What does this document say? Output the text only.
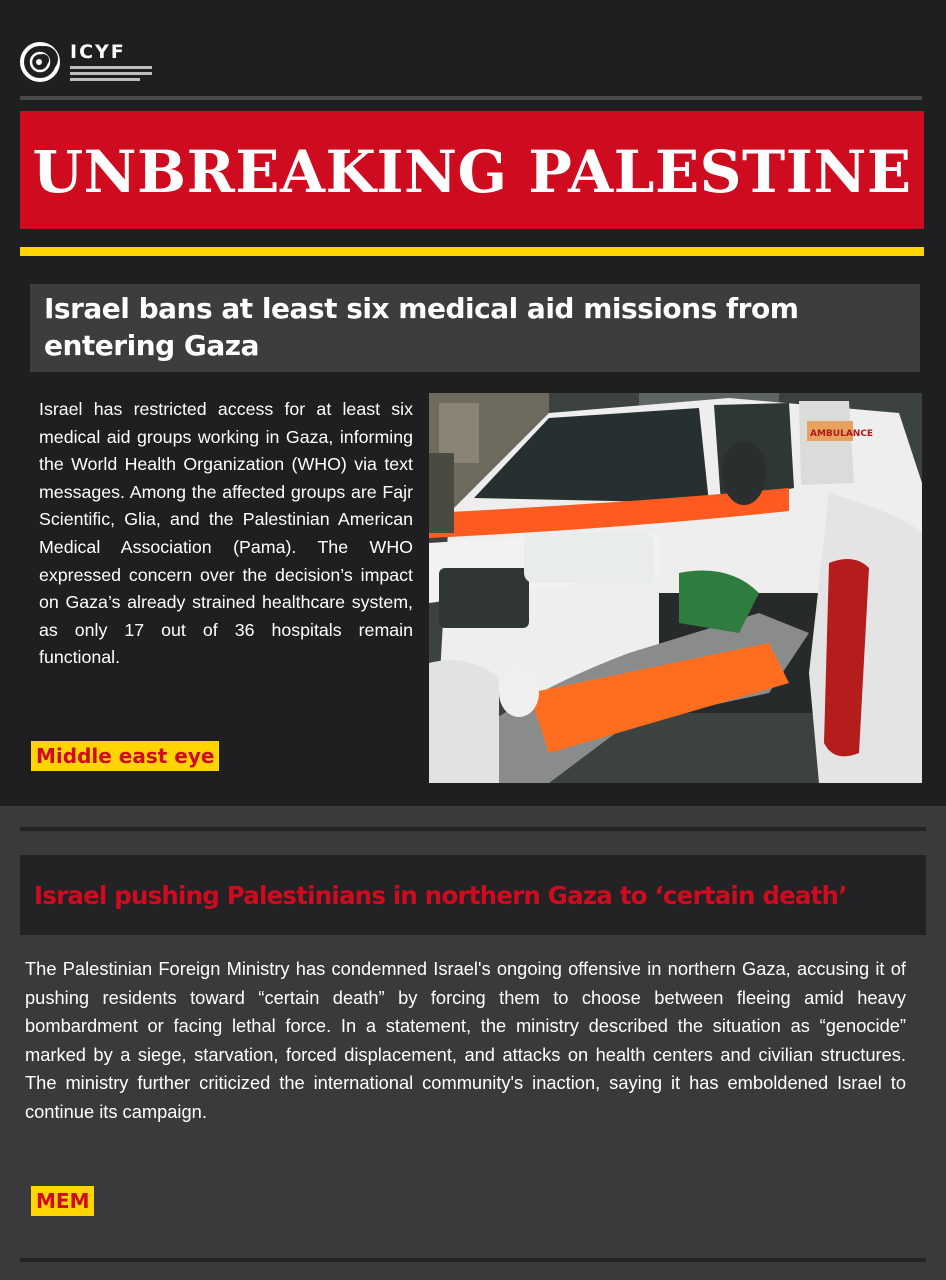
ICYF
UNBREAKING PALESTINE
Israel bans at least six medical aid missions from entering Gaza
Israel has restricted access for at least six medical aid groups working in Gaza, informing the World Health Organization (WHO) via text messages. Among the affected groups are Fajr Scientific, Glia, and the Palestinian American Medical Association (Pama). The WHO expressed concern over the decision’s impact on Gaza’s already strained healthcare system, as only 17 out of 36 hospitals remain functional.
Middle east eye
AMBULANCE
Israel pushing Palestinians in northern Gaza to ‘certain death’
The Palestinian Foreign Ministry has condemned Israel's ongoing offensive in northern Gaza, accusing it of pushing residents toward “certain death” by forcing them to choose between fleeing amid heavy bombardment or facing lethal force. In a statement, the ministry described the situation as “genocide” marked by a siege, starvation, forced displacement, and attacks on health centers and civilian structures. The ministry further criticized the international community's inaction, saying it has emboldened Israel to continue its campaign.
MEM
